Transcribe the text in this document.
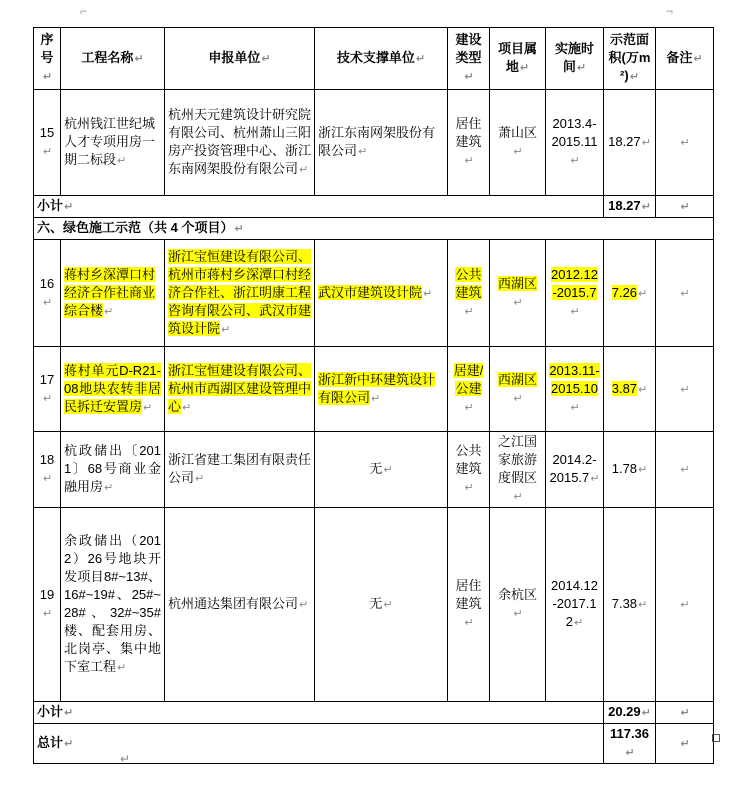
⌐	¬
序号↵	工程名称↵	申报单位↵	技术支撑单位↵	建设类型↵	项目属地↵	实施时间↵	示范面积(万m²)↵	备注↵
15↵	杭州钱江世纪城人才专项用房一期二标段↵	杭州天元建筑设计研究院有限公司、杭州萧山三阳房产投资管理中心、浙江东南网架股份有限公司↵	浙江东南网架股份有限公司↵	居住建筑↵	萧山区↵	2013.4-2015.11↵	18.27↵	↵
小计↵							18.27↵	↵
六、绿色施工示范（共 4 个项目）↵								
16↵	蒋村乡深潭口村经济合作社商业综合楼↵	浙江宝恒建设有限公司、杭州市蒋村乡深潭口村经济合作社、浙江明康工程咨询有限公司、武汉市建筑设计院↵	武汉市建筑设计院↵	公共建筑↵	西湖区↵	2012.12-2015.7↵	7.26↵	↵
17↵	蒋村单元D-R21-08地块农转非居民拆迁安置房↵	浙江宝恒建设有限公司、杭州市西湖区建设管理中心↵	浙江新中环建筑设计有限公司↵	居建/公建↵	西湖区↵	2013.11-2015.10↵	3.87↵	↵
18↵	杭政储出〔2011〕68号商业金融用房↵	浙江省建工集团有限责任公司↵	无↵	公共建筑↵	之江国家旅游度假区↵	2014.2-2015.7↵	1.78↵	↵
19↵	余政储出（2012）26号地块开发项目8#~13#、16#~19#、25#~28#、32#~35#楼、配套用房、北岗亭、集中地下室工程↵	杭州通达集团有限公司↵	无↵	居住建筑↵	余杭区↵	2014.12-2017.12↵	7.38↵	↵
小计↵							20.29↵	↵
总计↵							117.36↵	↵
↵
